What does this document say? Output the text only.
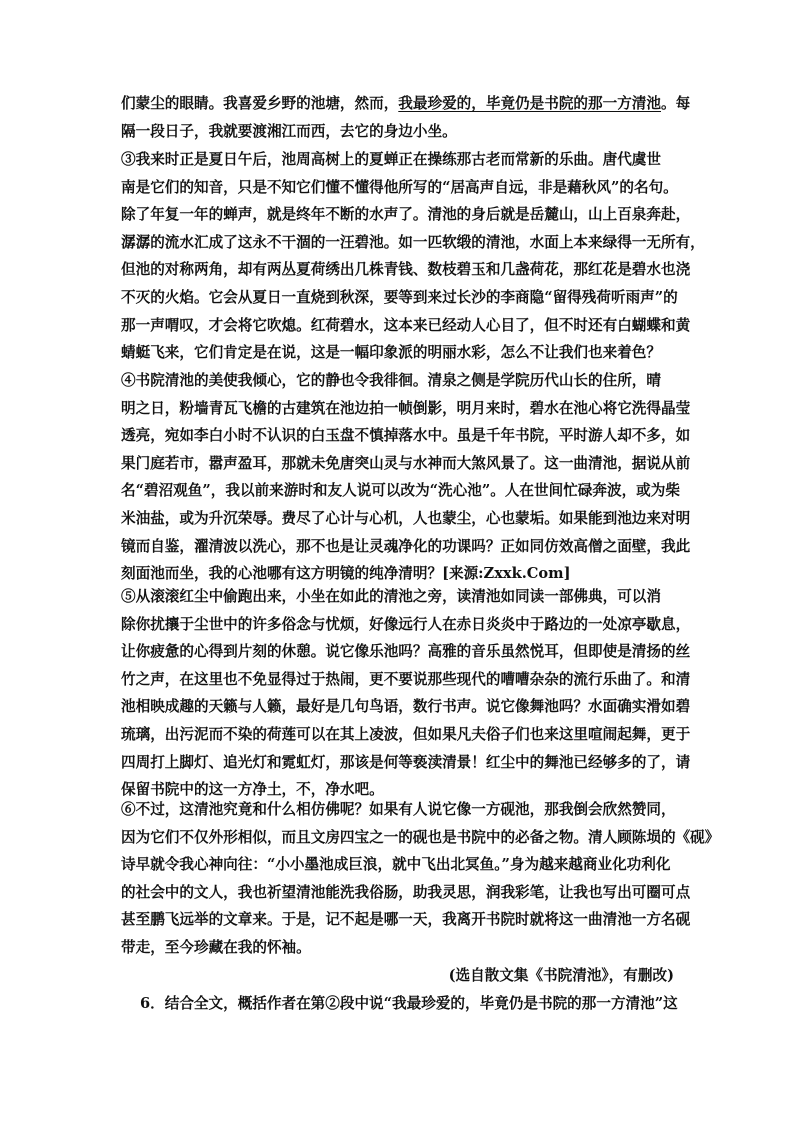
们蒙尘的眼睛。我喜爱乡野的池塘，然而，我最珍爱的，毕竟仍是书院的那一方清池。每
隔一段日子，我就要渡湘江而西，去它的身边小坐。
③我来时正是夏日午后，池周高树上的夏蝉正在操练那古老而常新的乐曲。唐代虞世
南是它们的知音，只是不知它们懂不懂得他所写的“居高声自远，非是藉秋风”的名句。
除了年复一年的蝉声，就是终年不断的水声了。清池的身后就是岳麓山，山上百泉奔赴，
潺潺的流水汇成了这永不干涸的一汪碧池。如一匹软缎的清池，水面上本来绿得一无所有，
但池的对称两角，却有两丛夏荷绣出几株青钱、数枝碧玉和几盏荷花，那红花是碧水也浇
不灭的火焰。它会从夏日一直烧到秋深，要等到来过长沙的李商隐“留得残荷听雨声”的
那一声喟叹，才会将它吹熄。红荷碧水，这本来已经动人心目了，但不时还有白蝴蝶和黄
蜻蜓飞来，它们肯定是在说，这是一幅印象派的明丽水彩，怎么不让我们也来着色？
④书院清池的美使我倾心，它的静也令我徘徊。清泉之侧是学院历代山长的住所，晴
明之日，粉墙青瓦飞檐的古建筑在池边拍一帧倒影，明月来时，碧水在池心将它洗得晶莹
透亮，宛如李白小时不认识的白玉盘不慎掉落水中。虽是千年书院，平时游人却不多，如
果门庭若市，嚣声盈耳，那就未免唐突山灵与水神而大煞风景了。这一曲清池，据说从前
名“碧沼观鱼”，我以前来游时和友人说可以改为“洗心池”。人在世间忙碌奔波，或为柴
米油盐，或为升沉荣辱。费尽了心计与心机，人也蒙尘，心也蒙垢。如果能到池边来对明
镜而自鉴，濯清波以洗心，那不也是让灵魂净化的功课吗？正如同仿效高僧之面壁，我此
刻面池而坐，我的心池哪有这方明镜的纯净清明？[来源:Zxxk.Com]
⑤从滚滚红尘中偷跑出来，小坐在如此的清池之旁，读清池如同读一部佛典，可以消
除你扰攘于尘世中的许多俗念与忧烦，好像远行人在赤日炎炎中于路边的一处凉亭歇息，
让你疲惫的心得到片刻的休憩。说它像乐池吗？高雅的音乐虽然悦耳，但即使是清扬的丝
竹之声，在这里也不免显得过于热闹，更不要说那些现代的嘈嘈杂杂的流行乐曲了。和清
池相映成趣的天籁与人籁，最好是几句鸟语，数行书声。说它像舞池吗？水面确实滑如碧
琉璃，出污泥而不染的荷莲可以在其上凌波，但如果凡夫俗子们也来这里喧闹起舞，更于
四周打上脚灯、追光灯和霓虹灯，那该是何等亵渎清景！红尘中的舞池已经够多的了，请
保留书院中的这一方净土，不，净水吧。
⑥不过，这清池究竟和什么相仿佛呢？如果有人说它像一方砚池，那我倒会欣然赞同，
因为它们不仅外形相似，而且文房四宝之一的砚也是书院中的必备之物。清人顾陈埙的《砚》
诗早就令我心神向往：“小小墨池成巨浪，就中飞出北冥鱼。”身为越来越商业化功利化
的社会中的文人，我也祈望清池能洗我俗肠，助我灵思，润我彩笔，让我也写出可圈可点
甚至鹏飞远举的文章来。于是，记不起是哪一天，我离开书院时就将这一曲清池一方名砚
带走，至今珍藏在我的怀袖。
(选自散文集《书院清池》，有删改)
6．结合全文，概括作者在第②段中说“我最珍爱的，毕竟仍是书院的那一方清池”这
